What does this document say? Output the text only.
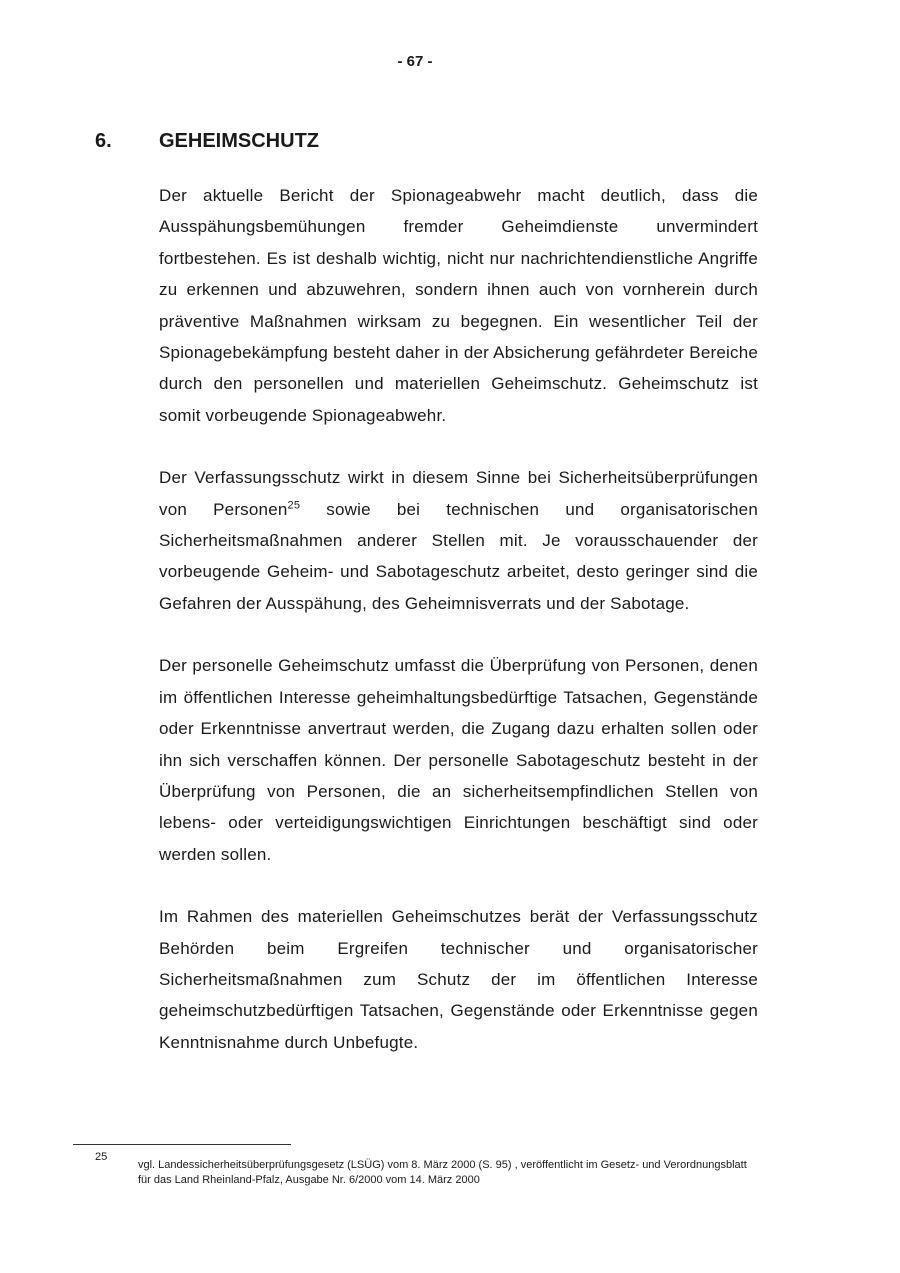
- 67 -
6. GEHEIMSCHUTZ

Der aktuelle Bericht der Spionageabwehr macht deutlich, dass die Ausspähungsbemühungen fremder Geheimdienste unvermindert fortbestehen. Es ist deshalb wichtig, nicht nur nachrichtendienstliche Angriffe zu erkennen und abzuwehren, sondern ihnen auch von vornherein durch präventive Maßnahmen wirksam zu begegnen. Ein wesentlicher Teil der Spionagebekämpfung besteht daher in der Absicherung gefährdeter Bereiche durch den personellen und materiellen Geheimschutz. Geheimschutz ist somit vorbeugende Spionageabwehr.

Der Verfassungsschutz wirkt in diesem Sinne bei Sicherheitsüberprüfungen von Personen$^{25}$ sowie bei technischen und organisatorischen Sicherheitsmaßnahmen anderer Stellen mit. Je vorausschauender der vorbeugende Geheim- und Sabotageschutz arbeitet, desto geringer sind die Gefahren der Ausspähung, des Geheimnisverrats und der Sabotage.

Der personelle Geheimschutz umfasst die Überprüfung von Personen, denen im öffentlichen Interesse geheimhaltungsbedürftige Tatsachen, Gegenstände oder Erkenntnisse anvertraut werden, die Zugang dazu erhalten sollen oder ihn sich verschaffen können. Der personelle Sabotageschutz besteht in der Überprüfung von Personen, die an sicherheitsempfindlichen Stellen von lebens- oder verteidigungswichtigen Einrichtungen beschäftigt sind oder werden sollen.

Im Rahmen des materiellen Geheimschutzes berät der Verfassungsschutz Behörden beim Ergreifen technischer und organisatorischer Sicherheitsmaßnahmen zum Schutz der im öffentlichen Interesse geheimschutzbedürftigen Tatsachen, Gegenstände oder Erkenntnisse gegen Kenntnisnahme durch Unbefugte.

25
vgl. Landessicherheitsüberprüfungsgesetz (LSÜG) vom 8. März 2000 (S. 95) , veröffentlicht im Gesetz- und Verordnungsblatt für das Land Rheinland-Pfalz, Ausgabe Nr. 6/2000 vom 14. März 2000
